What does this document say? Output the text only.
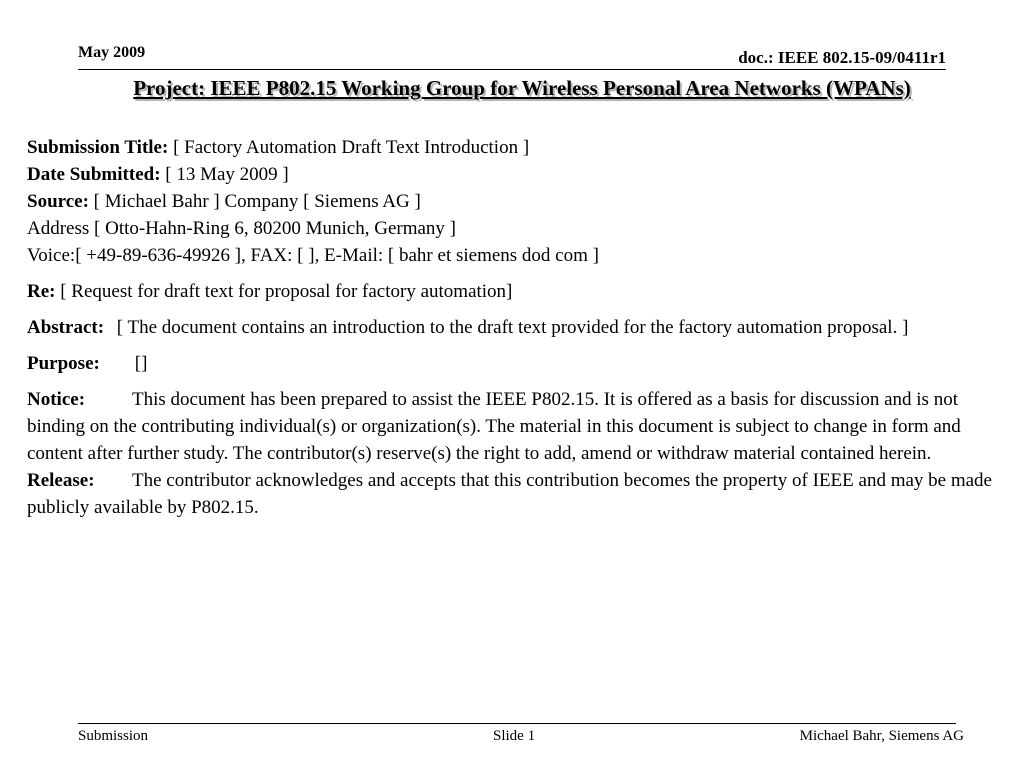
May 2009	doc.: IEEE 802.15-09/0411r1
Project: IEEE P802.15 Working Group for Wireless Personal Area Networks (WPANs)

Submission Title: [ Factory Automation Draft Text Introduction ]

Date Submitted: [ 13 May 2009 ]

Source: [ Michael Bahr ] Company [ Siemens AG ]

Address [ Otto-Hahn-Ring 6, 80200 Munich, Germany ]

Voice:[ +49-89-636-49926 ], FAX: [ ], E-Mail: [ bahr et siemens dod com ]

Re: [ Request for draft text for proposal for factory automation]

Abstract: [ The document contains an introduction to the draft text provided for the factory automation proposal. ]

Purpose: []

Notice: This document has been prepared to assist the IEEE P802.15. It is offered as a basis for discussion and is not binding on the contributing individual(s) or organization(s). The material in this document is subject to change in form and content after further study. The contributor(s) reserve(s) the right to add, amend or withdraw material contained herein.

Release: The contributor acknowledges and accepts that this contribution becomes the property of IEEE and may be made publicly available by P802.15.

Submission	Slide 1	Michael Bahr, Siemens AG
